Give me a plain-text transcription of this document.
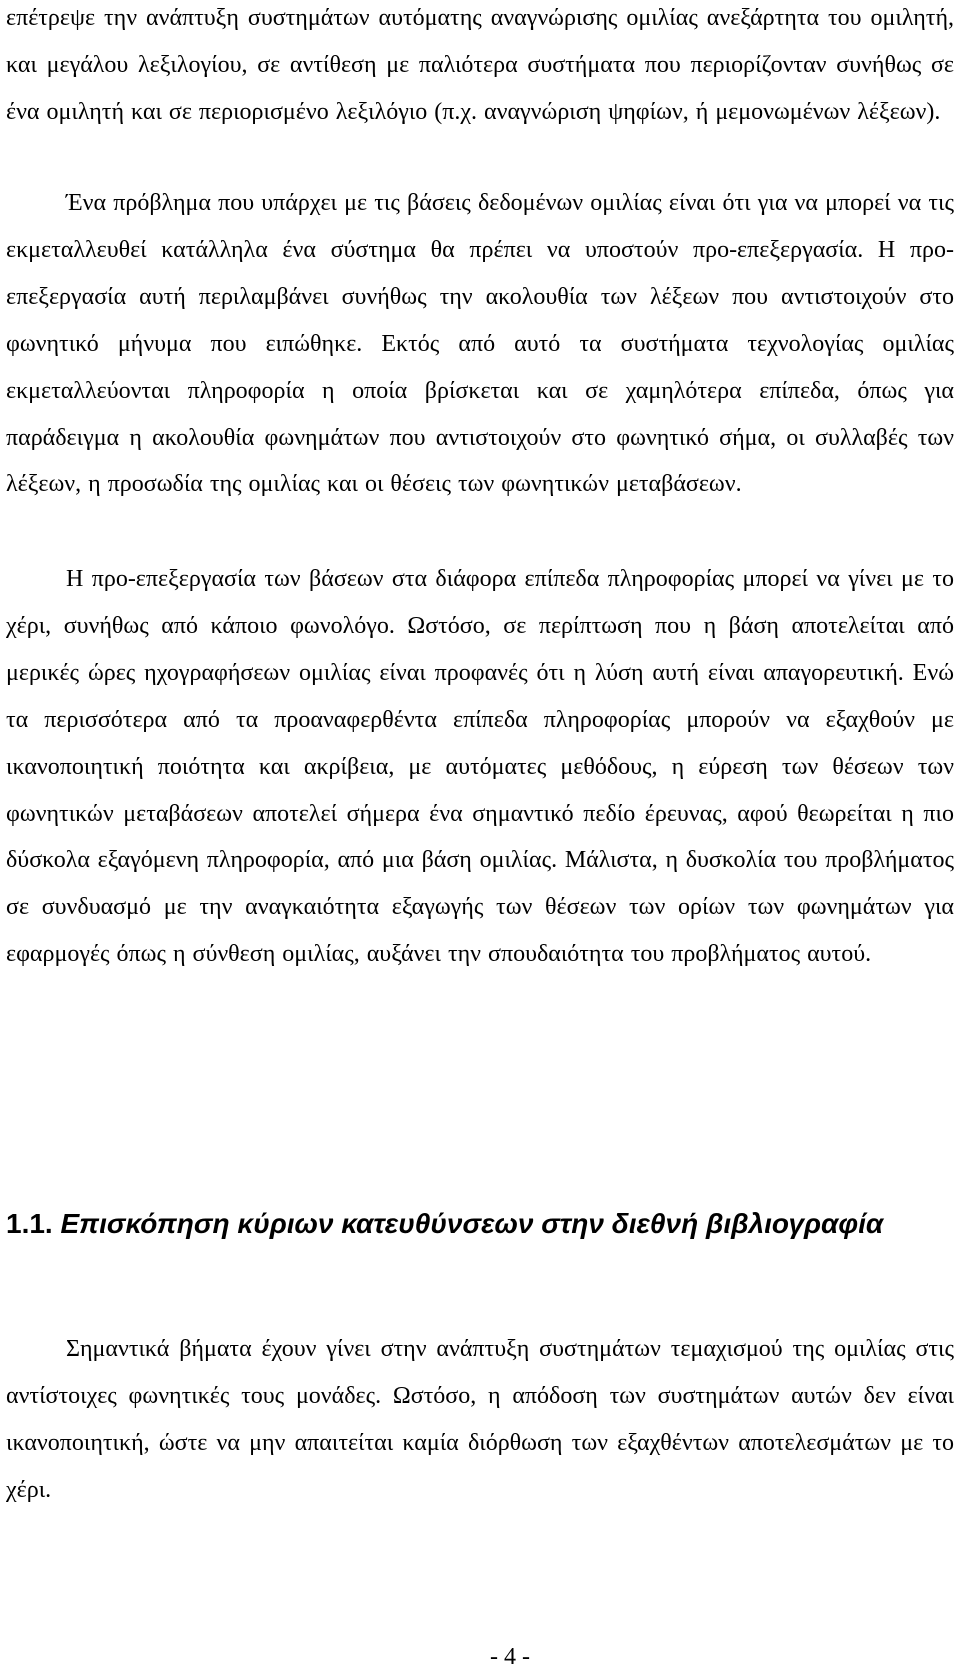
επέτρεψε την ανάπτυξη συστημάτων αυτόματης αναγνώρισης ομιλίας ανεξάρτητα του ομιλητή, και μεγάλου λεξιλογίου, σε αντίθεση με παλιότερα συστήματα που περιορίζονταν συνήθως σε ένα ομιλητή και σε περιορισμένο λεξιλόγιο (π.χ. αναγνώριση ψηφίων, ή μεμονωμένων λέξεων).

Ένα πρόβλημα που υπάρχει με τις βάσεις δεδομένων ομιλίας είναι ότι για να μπορεί να τις εκμεταλλευθεί κατάλληλα ένα σύστημα θα πρέπει να υποστούν προ-επεξεργασία. Η προ-επεξεργασία αυτή περιλαμβάνει συνήθως την ακολουθία των λέξεων που αντιστοιχούν στο φωνητικό μήνυμα που ειπώθηκε. Εκτός από αυτό τα συστήματα τεχνολογίας ομιλίας εκμεταλλεύονται πληροφορία η οποία βρίσκεται και σε χαμηλότερα επίπεδα, όπως για παράδειγμα η ακολουθία φωνημάτων που αντιστοιχούν στο φωνητικό σήμα, οι συλλαβές των λέξεων, η προσωδία της ομιλίας και οι θέσεις των φωνητικών μεταβάσεων.

Η προ-επεξεργασία των βάσεων στα διάφορα επίπεδα πληροφορίας μπορεί να γίνει με το χέρι, συνήθως από κάποιο φωνολόγο. Ωστόσο, σε περίπτωση που η βάση αποτελείται από μερικές ώρες ηχογραφήσεων ομιλίας είναι προφανές ότι η λύση αυτή είναι απαγορευτική. Ενώ τα περισσότερα από τα προαναφερθέντα επίπεδα πληροφορίας μπορούν να εξαχθούν με ικανοποιητική ποιότητα και ακρίβεια, με αυτόματες μεθόδους, η εύρεση των θέσεων των φωνητικών μεταβάσεων αποτελεί σήμερα ένα σημαντικό πεδίο έρευνας, αφού θεωρείται η πιο δύσκολα εξαγόμενη πληροφορία, από μια βάση ομιλίας. Μάλιστα, η δυσκολία του προβλήματος σε συνδυασμό με την αναγκαιότητα εξαγωγής των θέσεων των ορίων των φωνημάτων για εφαρμογές όπως η σύνθεση ομιλίας, αυξάνει την σπουδαιότητα του προβλήματος αυτού.

1.1. Επισκόπηση κύριων κατευθύνσεων στην διεθνή βιβλιογραφία

Σημαντικά βήματα έχουν γίνει στην ανάπτυξη συστημάτων τεμαχισμού της ομιλίας στις αντίστοιχες φωνητικές τους μονάδες. Ωστόσο, η απόδοση των συστημάτων αυτών δεν είναι ικανοποιητική, ώστε να μην απαιτείται καμία διόρθωση των εξαχθέντων αποτελεσμάτων με το χέρι.

- 4 -
